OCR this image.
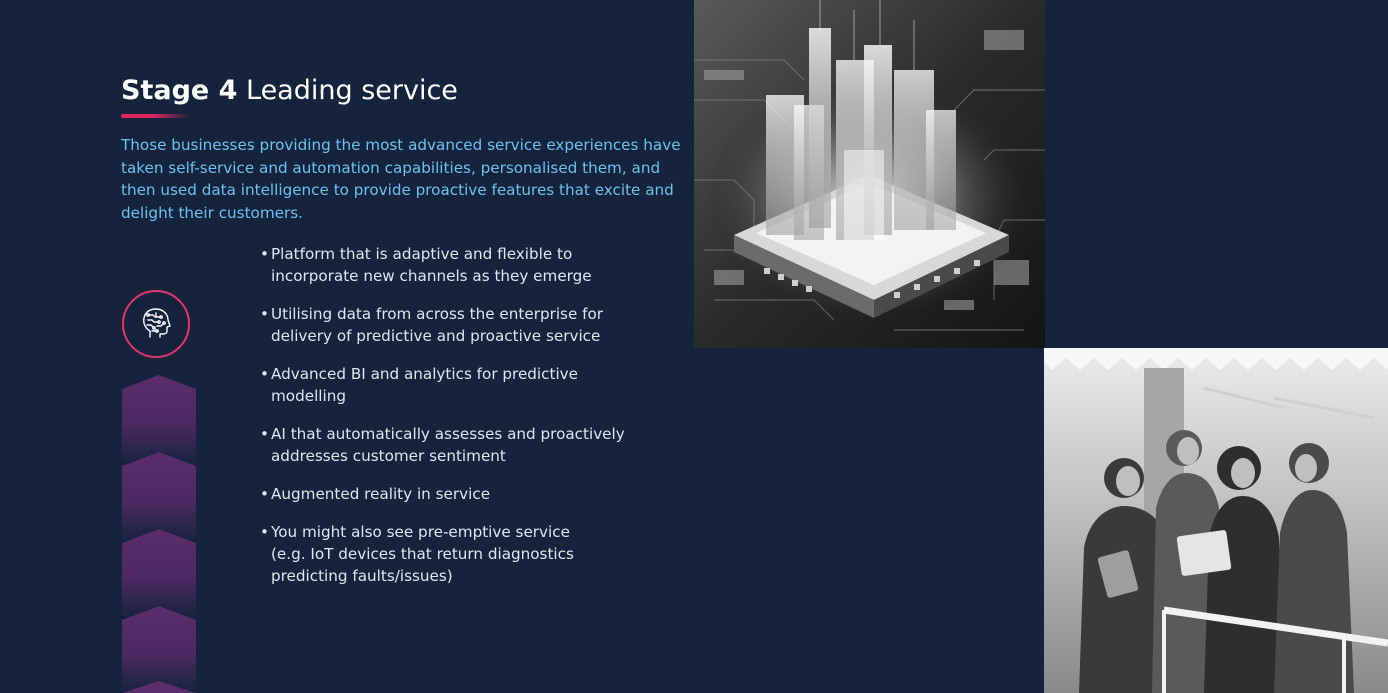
Stage 4 Leading service

Those businesses providing the most advanced service experiences have taken self-service and automation capabilities, personalised them, and then used data intelligence to provide proactive features that excite and delight their customers.

• Platform that is adaptive and flexible to
incorporate new channels as they emerge
• Utilising data from across the enterprise for
delivery of predictive and proactive service
• Advanced BI and analytics for predictive
modelling
• AI that automatically assesses and proactively
addresses customer sentiment
• Augmented reality in service
• You might also see pre-emptive service
(e.g. IoT devices that return diagnostics
predicting faults/issues)
